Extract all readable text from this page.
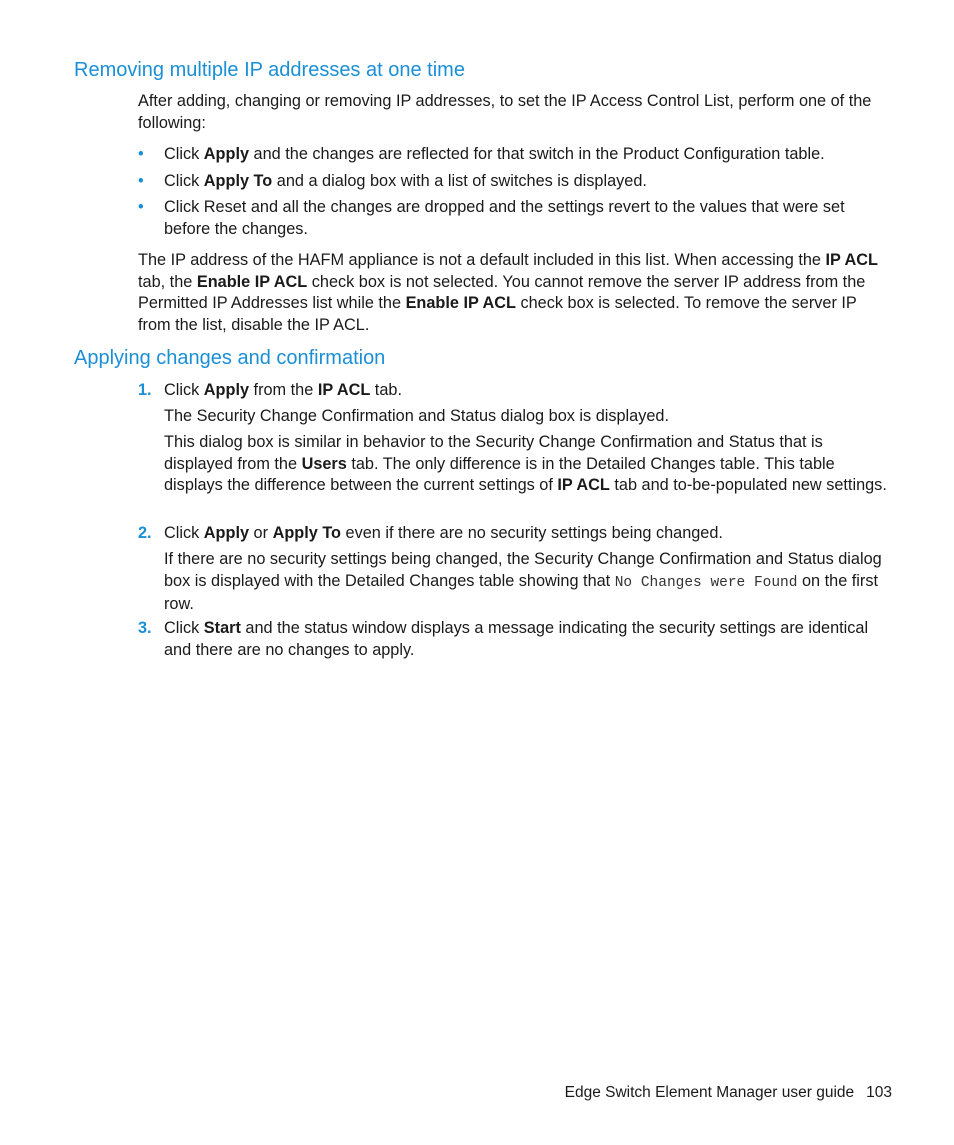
Removing multiple IP addresses at one time

After adding, changing or removing IP addresses, to set the IP Access Control List, perform one of the following:

• Click Apply and the changes are reflected for that switch in the Product Configuration table.

• Click Apply To and a dialog box with a list of switches is displayed.

• Click Reset and all the changes are dropped and the settings revert to the values that were set before the changes.

The IP address of the HAFM appliance is not a default included in this list. When accessing the IP ACL tab, the Enable IP ACL check box is not selected. You cannot remove the server IP address from the Permitted IP Addresses list while the Enable IP ACL check box is selected. To remove the server IP from the list, disable the IP ACL.

Applying changes and confirmation
1. Click Apply from the IP ACL tab.

The Security Change Confirmation and Status dialog box is displayed.

This dialog box is similar in behavior to the Security Change Confirmation and Status that is displayed from the Users tab. The only difference is in the Detailed Changes table. This table displays the difference between the current settings of IP ACL tab and to-be-populated new settings.

2. Click Apply or Apply To even if there are no security settings being changed.

If there are no security settings being changed, the Security Change Confirmation and Status dialog box is displayed with the Detailed Changes table showing that No Changes were Found on the first row.

3. Click Start and the status window displays a message indicating the security settings are identical and there are no changes to apply.

Edge Switch Element Manager user guide 103
